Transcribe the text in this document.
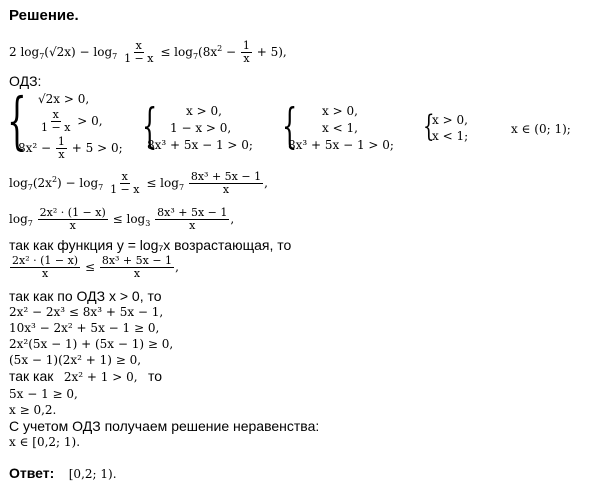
Решение.
2 $\log_7(√2x) - \log_7 \frac{x}{1 - x} \le \log_7(8x^2 - \frac{1}{x} + 5)$,
ОДЗ:
{ √2x > 0,
$\frac{x}{1 - x} > 0$,
$8x^2 - \frac{1}{x} + 5 > 0$; { x > 0,
1 − x > 0,
8x³ + 5x − 1 > 0; { x > 0,
x < 1,
8x³ + 5x − 1 > 0;
{
x > 0,
x < 1;	x ∈ (0; 1);
$\log_7(2x^2) - \log_7 \frac{x}{1 - x} \le \log_7 \frac{\text{8x³ + 5x − 1}}{x}$ ,
$\log_7 \frac{\text{2x² · (1 − x)}}{x} \le \log_3 \frac{\text{8x³ + 5x − 1}}{x}$ ,
так как функция y = log₇x возрастающая, то
$\frac{\text{2x² · (1 − x)}}{x} \le \frac{\text{8x³ + 5x − 1}}{x}$ ,
так как по ОДЗ x > 0, то
2x² − 2x³ ≤ 8x³ + 5x − 1,
10x³ − 2x² + 5x − 1 ≥ 0,
2x²(5x − 1) + (5x − 1) ≥ 0,
(5x − 1)(2x² + 1) ≥ 0,
так как 2x² + 1 > 0, то
5x − 1 ≥ 0,
x ≥ 0,2.
С учетом ОДЗ получаем решение неравенства:
x ∈ [0,2; 1).
Ответ: [0,2; 1).
